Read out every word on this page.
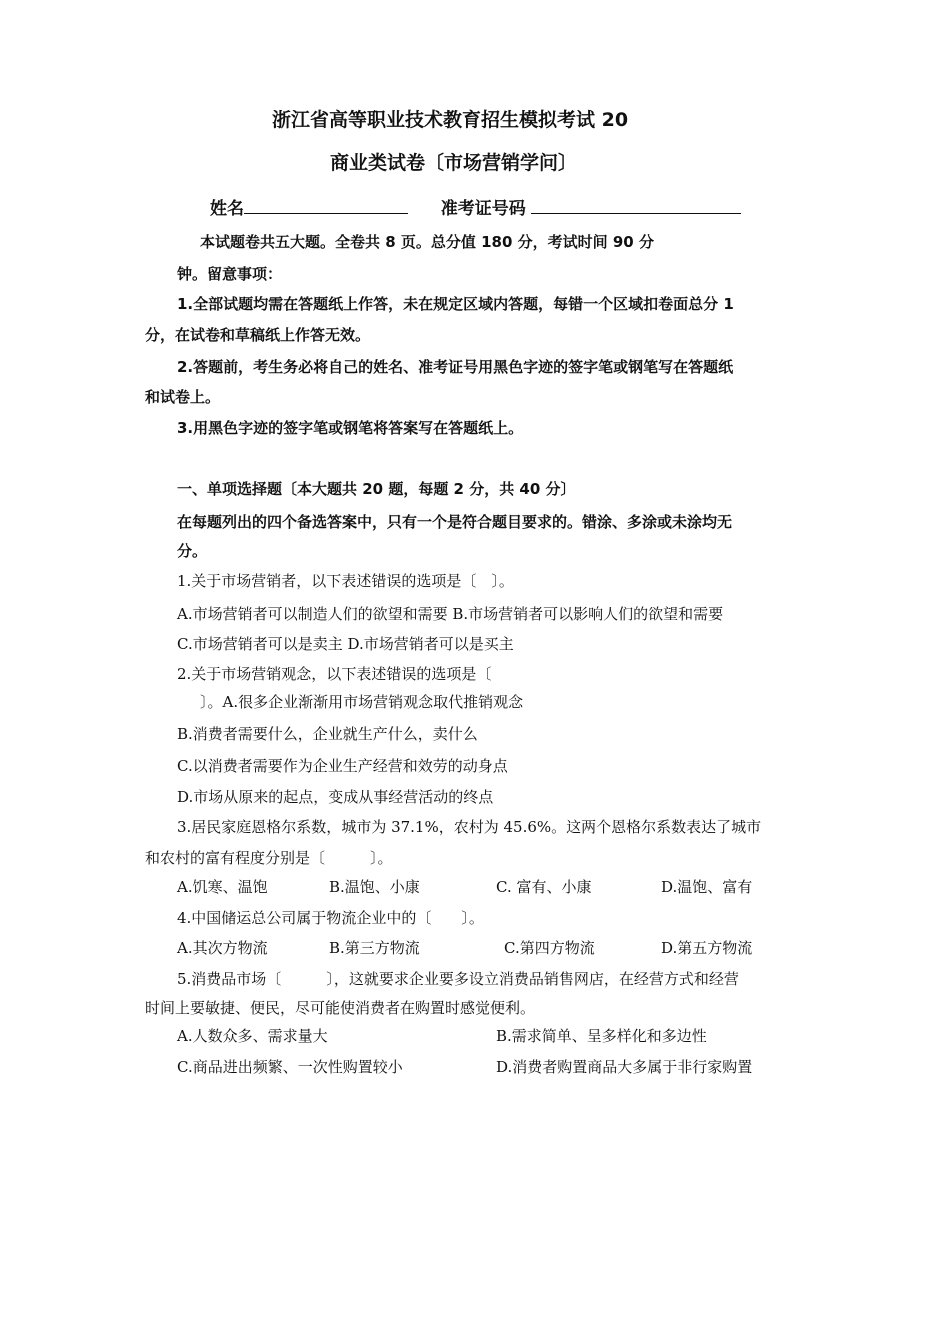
浙江省高等职业技术教育招生模拟考试 20
商业类试卷〔市场营销学问〕
姓名	准考证号码
本试题卷共五大题。全卷共 8 页。总分值 180 分，考试时间 90 分
钟。留意事项：
1.全部试题均需在答题纸上作答，未在规定区域内答题，每错一个区域扣卷面总分 1
分，在试卷和草稿纸上作答无效。
2.答题前，考生务必将自己的姓名、准考证号用黑色字迹的签字笔或钢笔写在答题纸
和试卷上。
3.用黑色字迹的签字笔或钢笔将答案写在答题纸上。
一、单项选择题〔本大题共 20 题，每题 2 分，共 40 分〕
在每题列出的四个备选答案中，只有一个是符合题目要求的。错涂、多涂或未涂均无
分。
1.关于市场营销者，以下表述错误的选项是〔　〕。
A.市场营销者可以制造人们的欲望和需要 B.市场营销者可以影响人们的欲望和需要
C.市场营销者可以是卖主 D.市场营销者可以是买主
2.关于市场营销观念，以下表述错误的选项是〔
〕。A.很多企业渐渐用市场营销观念取代推销观念
B.消费者需要什么，企业就生产什么，卖什么
C.以消费者需要作为企业生产经营和效劳的动身点
D.市场从原来的起点，变成从事经营活动的终点
3.居民家庭恩格尔系数，城市为 37.1%，农村为 45.6%。这两个恩格尔系数表达了城市
和农村的富有程度分别是〔　　　〕。
A.饥寒、温饱	B.温饱、小康	C. 富有、小康	D.温饱、富有
4.中国储运总公司属于物流企业中的〔　　〕。
A.其次方物流	B.第三方物流	C.第四方物流	D.第五方物流
5.消费品市场〔　　　〕，这就要求企业要多设立消费品销售网店，在经营方式和经营
时间上要敏捷、便民，尽可能使消费者在购置时感觉便利。
A.人数众多、需求量大	B.需求简单、呈多样化和多边性
C.商品进出频繁、一次性购置较小	D.消费者购置商品大多属于非行家购置
